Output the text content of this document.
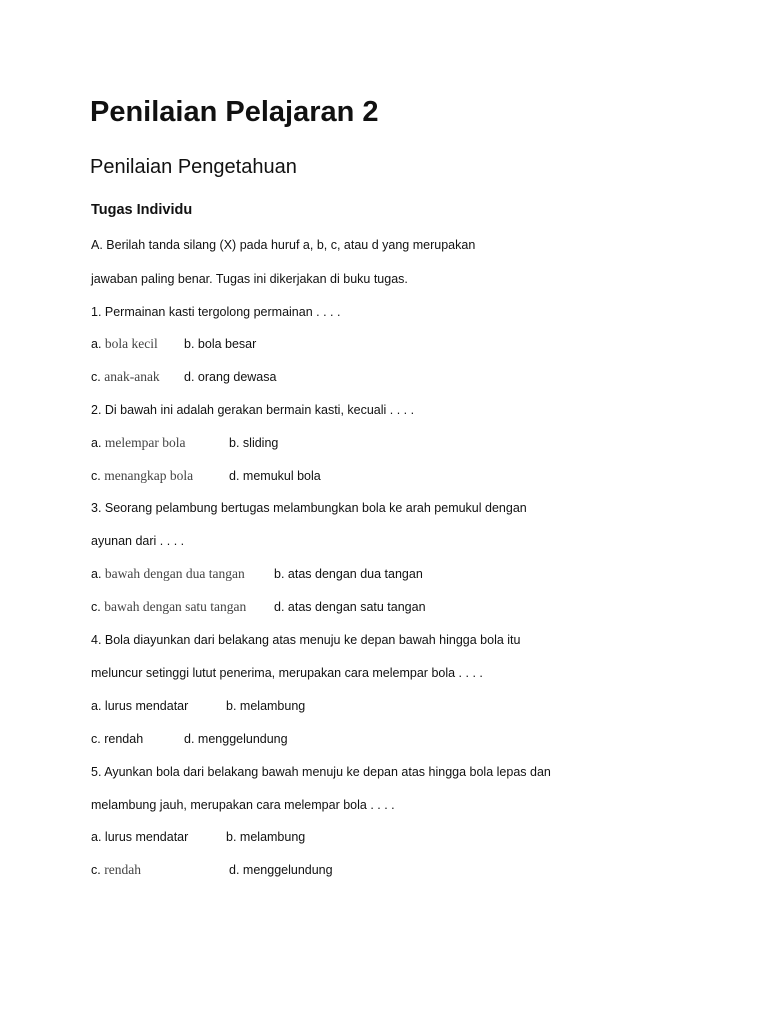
Penilaian Pelajaran 2
Penilaian Pengetahuan
Tugas Individu
A. Berilah tanda silang (X) pada huruf a, b, c, atau d yang merupakan
jawaban paling benar. Tugas ini dikerjakan di buku tugas.
1. Permainan kasti tergolong permainan . . . .
a. bola kecil b. bola besar
c. anak-anak d. orang dewasa
2. Di bawah ini adalah gerakan bermain kasti, kecuali . . . .
a. melempar bola	b. sliding
c. menangkap bola	d. memukul bola
3. Seorang pelambung bertugas melambungkan bola ke arah pemukul dengan
ayunan dari . . . .
a. bawah dengan dua tangan b. atas dengan dua tangan
c. bawah dengan satu tangan d. atas dengan satu tangan
4. Bola diayunkan dari belakang atas menuju ke depan bawah hingga bola itu
meluncur setinggi lutut penerima, merupakan cara melempar bola . . . .
a. lurus mendatar	b. melambung
c. rendah	d. menggelundung
5. Ayunkan bola dari belakang bawah menuju ke depan atas hingga bola lepas dan
melambung jauh, merupakan cara melempar bola . . . .
a. lurus mendatar	b. melambung
c. rendah	d. menggelundung
